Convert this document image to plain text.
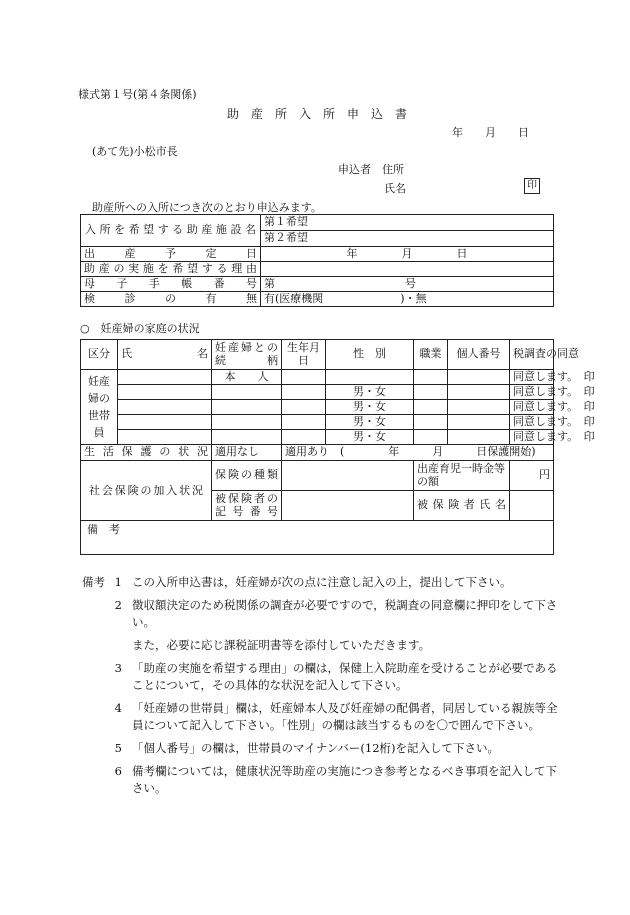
様式第１号(第４条関係)
助　産　所　入　所　申　込　書
年　　月　　日
(あて先)小松市長
申込者　住所
氏名	印
助産所への入所につき次のとおり申込みます。
入所を希望する助産施設名	第１希望
	第２希望
出産予定日	年　　　　月　　　　日
助産の実施を希望する理由	
母子手帳番号	第 号
検診の有無	有(医療機関　　　　　　　)・無
○　妊産婦の家庭の状況
区分	氏　　　　名	妊産婦との続柄	生年月日	性　別	職業	個人番号	税調査の同意
妊産婦の世帯員		本　　人					同意します。　印
				男・女			同意します。　印
				男・女			同意します。　印
				男・女			同意します。　印
				男・女			同意します。　印
生活保護の状況		適用なし	適用あり　(　　　　年　　　月　　　日保護開始)				
社会保険の加入状況		保険の種類			出産育児一時金等の額		円
		被保険者の記号番号			被保険者氏名		
備　考							
1 この入所申込書は，妊産婦が次の点に注意し記入の上，提出して下さい。
2 徴収額決定のため税関係の調査が必要ですので，税調査の同意欄に押印をして下さい。
また，必要に応じ課税証明書等を添付していただきます。
3 「助産の実施を希望する理由」の欄は，保健上入院助産を受けることが必要であることについて，その具体的な状況を記入して下さい。
4 「妊産婦の世帯員」欄は，妊産婦本人及び妊産婦の配偶者，同居している親族等全員について記入して下さい。「性別」の欄は該当するものを〇で囲んで下さい。
5 「個人番号」の欄は，世帯員のマイナンバー(12桁)を記入して下さい。
6 備考欄については，健康状況等助産の実施につき参考となるべき事項を記入して下さい。
備考
